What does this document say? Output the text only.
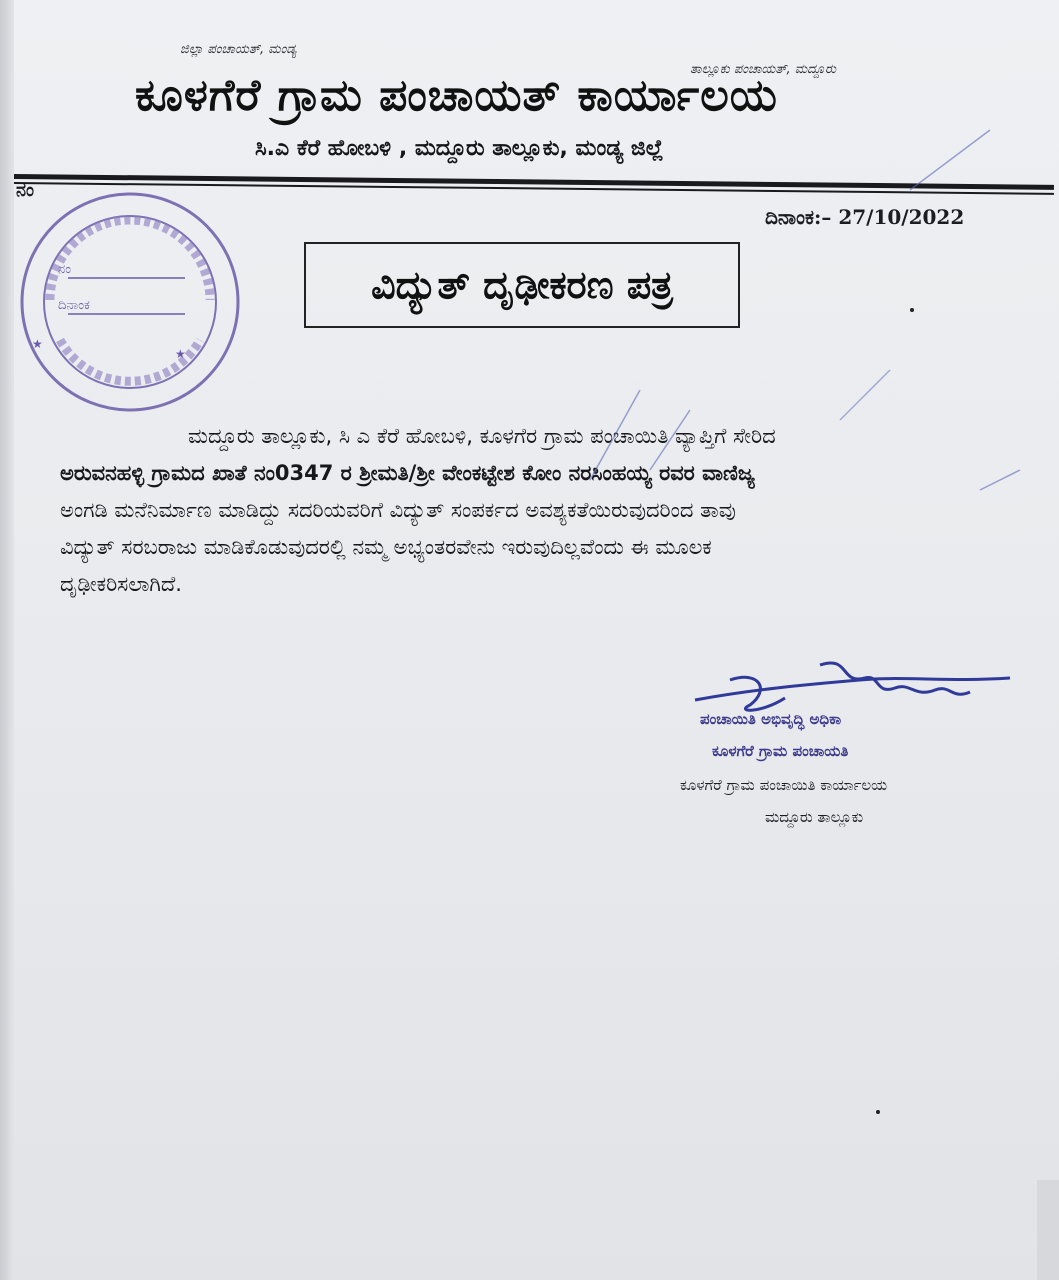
ಜಿಲ್ಲಾ ಪಂಚಾಯತ್, ಮಂಡ್ಯ
ತಾಲ್ಲೂಕು ಪಂಚಾಯತ್, ಮದ್ದೂರು
ಕೂಳಗೆರೆ ಗ್ರಾಮ ಪಂಚಾಯತ್ ಕಾರ್ಯಾಲಯ
ಸಿ.ಎ ಕೆರೆ ಹೋಬಳಿ , ಮದ್ದೂರು ತಾಲ್ಲೂಕು, ಮಂಡ್ಯ ಜಿಲ್ಲೆ
ನಂ
ದಿನಾಂಕ:– 27/10/2022
★
★
ನಂ
ದಿನಾಂಕ	ವಿದ್ಯುತ್ ದೃಢೀಕರಣ ಪತ್ರ
ಮದ್ದೂರು ತಾಲ್ಲೂಕು, ಸಿ ಎ ಕೆರೆ ಹೋಬಳಿ, ಕೂಳಗೆರ ಗ್ರಾಮ ಪಂಚಾಯಿತಿ ವ್ಯಾಪ್ತಿಗೆ ಸೇರಿದ
ಅರುವನಹಳ್ಳಿ ಗ್ರಾಮದ ಖಾತೆ ನಂ0347 ರ ಶ್ರೀಮತಿ/ಶ್ರೀ ವೇಂಕಟ್ಟೇಶ ಕೋಂ ನರಸಿಂಹಯ್ಯ ರವರ ವಾಣಿಜ್ಯ
ಅಂಗಡಿ ಮನೆನಿರ್ಮಾಣ ಮಾಡಿದ್ದು ಸದರಿಯವರಿಗೆ ವಿದ್ಯುತ್ ಸಂಪರ್ಕದ ಅವಶ್ಯಕತೆಯಿರುವುದರಿಂದ ತಾವು
ವಿದ್ಯುತ್ ಸರಬರಾಜು ಮಾಡಿಕೊಡುವುದರಲ್ಲಿ ನಮ್ಮ ಅಭ್ಯಂತರವೇನು ಇರುವುದಿಲ್ಲವೆಂದು ಈ ಮೂಲಕ
ದೃಢೀಕರಿಸಲಾಗಿದೆ.
ಪಂಚಾಯಿತಿ ಅಭಿವೃದ್ಧಿ ಅಧಿಕಾ
ಕೂಳಗೆರೆ ಗ್ರಾಮ ಪಂಚಾಯತಿ
ಕೂಳಗೆರೆ ಗ್ರಾಮ ಪಂಚಾಯಿತಿ ಕಾರ್ಯಾಲಯ
ಮದ್ದೂರು ತಾಲ್ಲೂಕು
